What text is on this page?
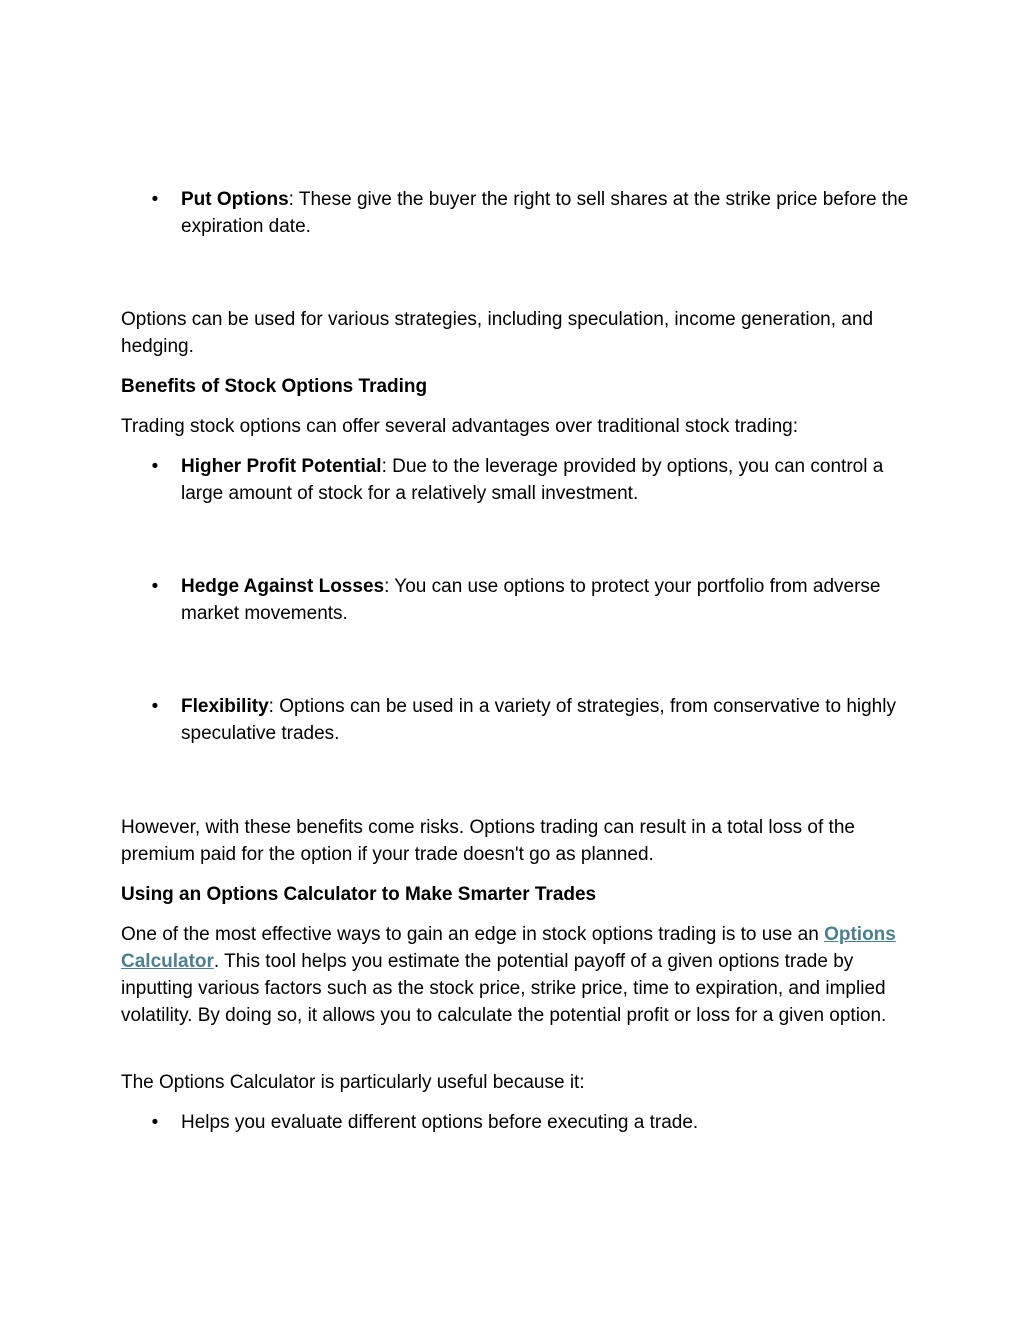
• Put Options: These give the buyer the right to sell shares at the strike price before the expiration date.

Options can be used for various strategies, including speculation, income generation, and hedging.

Benefits of Stock Options Trading

Trading stock options can offer several advantages over traditional stock trading:

• Higher Profit Potential: Due to the leverage provided by options, you can control a large amount of stock for a relatively small investment.
• Hedge Against Losses: You can use options to protect your portfolio from adverse market movements.
• Flexibility: Options can be used in a variety of strategies, from conservative to highly speculative trades.

However, with these benefits come risks. Options trading can result in a total loss of the premium paid for the option if your trade doesn't go as planned.

Using an Options Calculator to Make Smarter Trades

One of the most effective ways to gain an edge in stock options trading is to use an Options Calculator. This tool helps you estimate the potential payoff of a given options trade by inputting various factors such as the stock price, strike price, time to expiration, and implied volatility. By doing so, it allows you to calculate the potential profit or loss for a given option.

The Options Calculator is particularly useful because it:

• Helps you evaluate different options before executing a trade.
